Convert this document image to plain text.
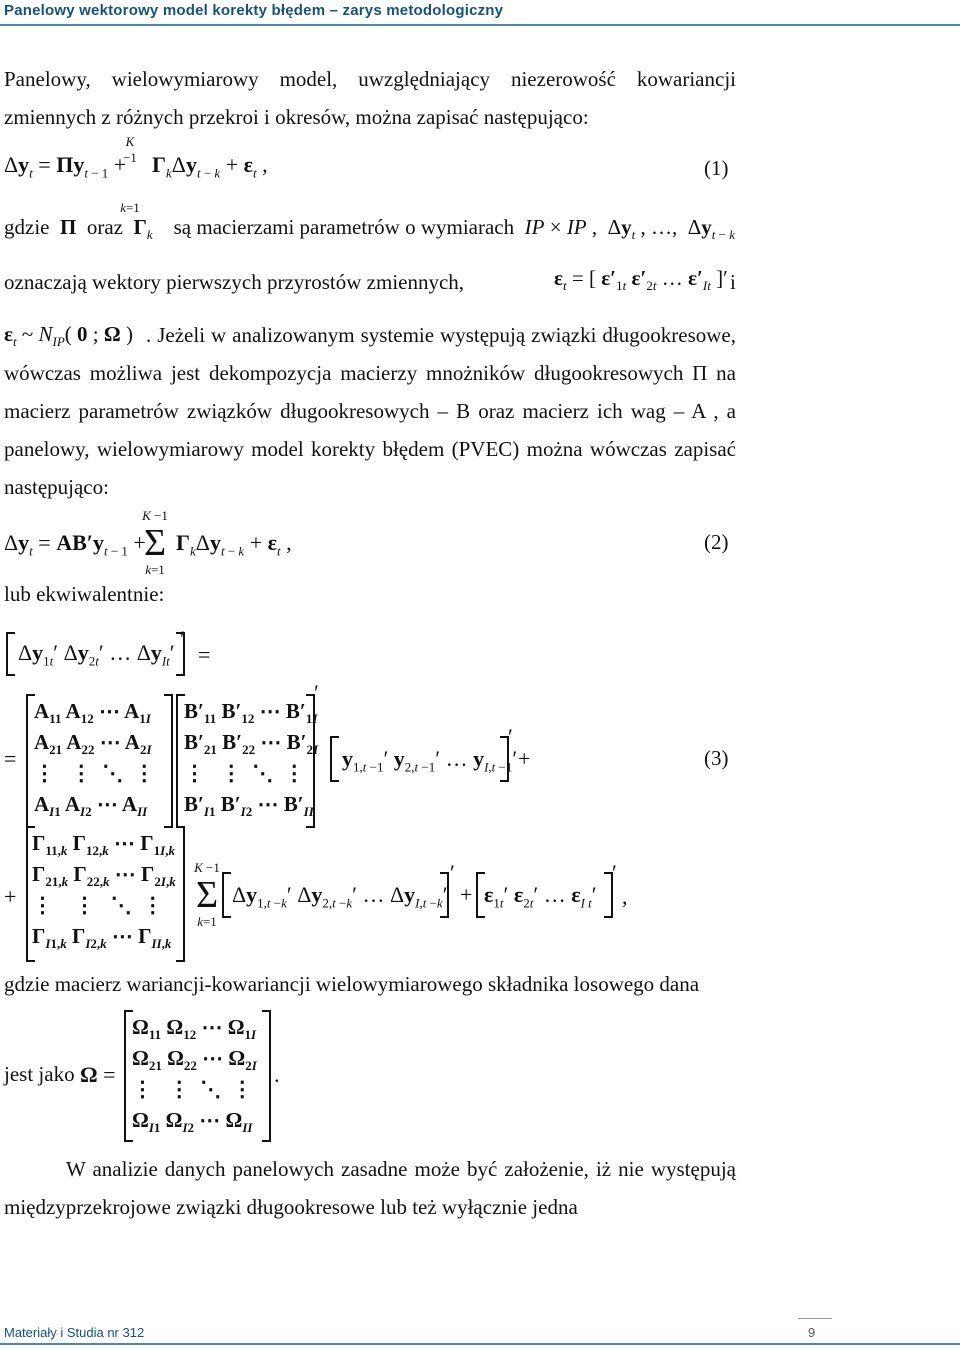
Panelowy wektorowy model korekty błędem – zarys metodologiczny
Panelowy, wielowymiarowy model, uwzględniający niezerowość kowariancji zmiennych z różnych przekroi i okresów, można zapisać następująco:
$\Delta y_t = \Pi y_{t - 1}$ +
K −1
k=1
$\Gamma_k\Delta y_{t - k} + \varepsilon_t$ ,	(1)
gdzie  Π  oraz  $\Gamma_k$ są macierzami parametrów o wymiarach IP × IP ,  $\Delta y_t$ , …,  $\Delta y_{t - k}$
oznaczają wektory pierwszych przyrostów zmiennych,	$\varepsilon_t$ = [ $\varepsilon'_{1t}$ $\varepsilon'_{2t}$ … $\varepsilon'_{It}$ ]′ i
$\varepsilon_t$ ~ $N_{IP}$( 0 ; Ω ) . Jeżeli w analizowanym systemie występują związki długookresowe, wówczas możliwa jest dekompozycja macierzy mnożników długookresowych Π na macierz parametrów związków długookresowych – B oraz macierz ich wag – A , a panelowy, wielowymiarowy model korekty błędem (PVEC) można wówczas zapisać następująco:
$\Delta y_t = AB'y_{t - 1}$ +
K −1
Σ
k=1
$\Gamma_k\Delta y_{t - k} + \varepsilon_t$ ,	(2)
lub ekwiwalentnie:
$\Delta y_{1t}'$ $\Delta y_{2t}'$ … $\Delta y_{It}'$
′
=
=
$A_{11}$ $A_{12}$ ⋯ $A_{1I}$
$A_{21}$ $A_{22}$ ⋯ $A_{2I}$
⋮   ⋮  ⋱  ⋮
$A_{I1}$ $A_{I2}$ ⋯ $A_{II}$
$B'_{11}$ $B'_{12}$ ⋯ $B'_{1I}$
$B'_{21}$ $B'_{22}$ ⋯ $B'_{2I}$
⋮   ⋮  ⋱  ⋮
$B'_{I1}$ $B'_{I2}$ ⋯ $B'_{II}$
′
$y_{1,t -1}'$ $y_{2,t -1}'$ … $y_{I,t -1}'$
′
+	(3)
+
$\Gamma_{11,k}$ $\Gamma_{12,k}$ ⋯ $\Gamma_{1I,k}$
$\Gamma_{21,k}$ $\Gamma_{22,k}$ ⋯ $\Gamma_{2I,k}$
⋮    ⋮   ⋱  ⋮
$\Gamma_{I1,k}$ $\Gamma_{I2,k}$ ⋯ $\Gamma_{II,k}$
K −1
Σ
k=1
$\Delta y_{1,t -k}'$ $\Delta y_{2,t -k}'$ … $\Delta y_{I,t -k}'$
′
+ $\varepsilon_{1t}'$ $\varepsilon_{2t}'$ … $\varepsilon_{I t}'$
′
,
gdzie macierz wariancji-kowariancji wielowymiarowego składnika losowego dana
jest jako Ω =
$\Omega_{11}$ $\Omega_{12}$ ⋯ $\Omega_{1I}$
$\Omega_{21}$ $\Omega_{22}$ ⋯ $\Omega_{2I}$
⋮   ⋮  ⋱  ⋮
$\Omega_{I1}$ $\Omega_{I2}$ ⋯ $\Omega_{II}$
.
W analizie danych panelowych zasadne może być założenie, iż nie występują międzyprzekrojowe związki długookresowe lub też wyłącznie jedna
9
Materiały i Studia nr 312
